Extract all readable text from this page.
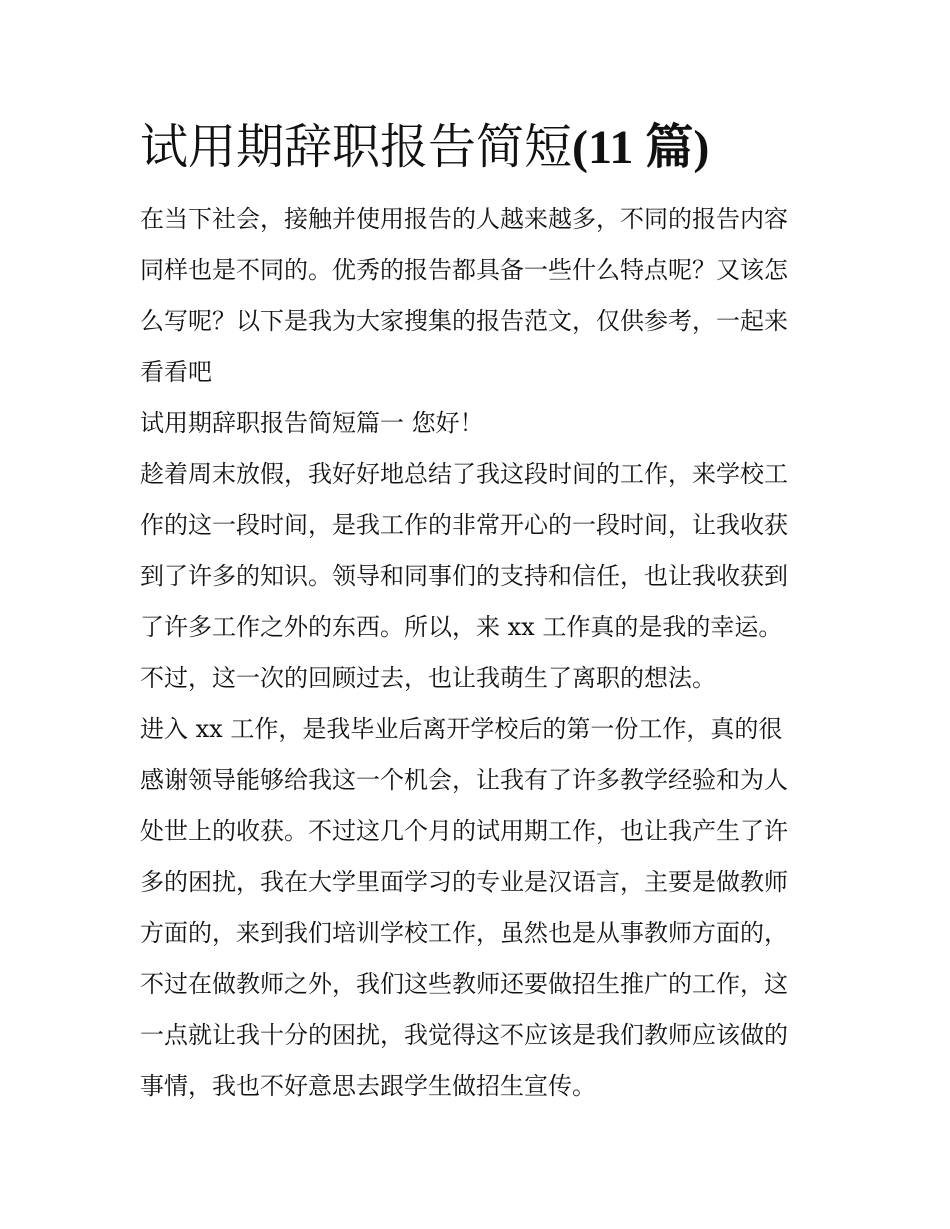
试用期辞职报告简短(11 篇)
在当下社会，接触并使用报告的人越来越多，不同的报告内容
同样也是不同的。优秀的报告都具备一些什么特点呢？又该怎
么写呢？以下是我为大家搜集的报告范文，仅供参考，一起来
看看吧
试用期辞职报告简短篇一 您好！
趁着周末放假，我好好地总结了我这段时间的工作，来学校工
作的这一段时间，是我工作的非常开心的一段时间，让我收获
到了许多的知识。领导和同事们的支持和信任，也让我收获到
了许多工作之外的东西。所以，来 xx 工作真的是我的幸运。
不过，这一次的回顾过去，也让我萌生了离职的想法。
进入 xx 工作，是我毕业后离开学校后的第一份工作，真的很
感谢领导能够给我这一个机会，让我有了许多教学经验和为人
处世上的收获。不过这几个月的试用期工作，也让我产生了许
多的困扰，我在大学里面学习的专业是汉语言，主要是做教师
方面的，来到我们培训学校工作，虽然也是从事教师方面的，
不过在做教师之外，我们这些教师还要做招生推广的工作，这
一点就让我十分的困扰，我觉得这不应该是我们教师应该做的
事情，我也不好意思去跟学生做招生宣传。
